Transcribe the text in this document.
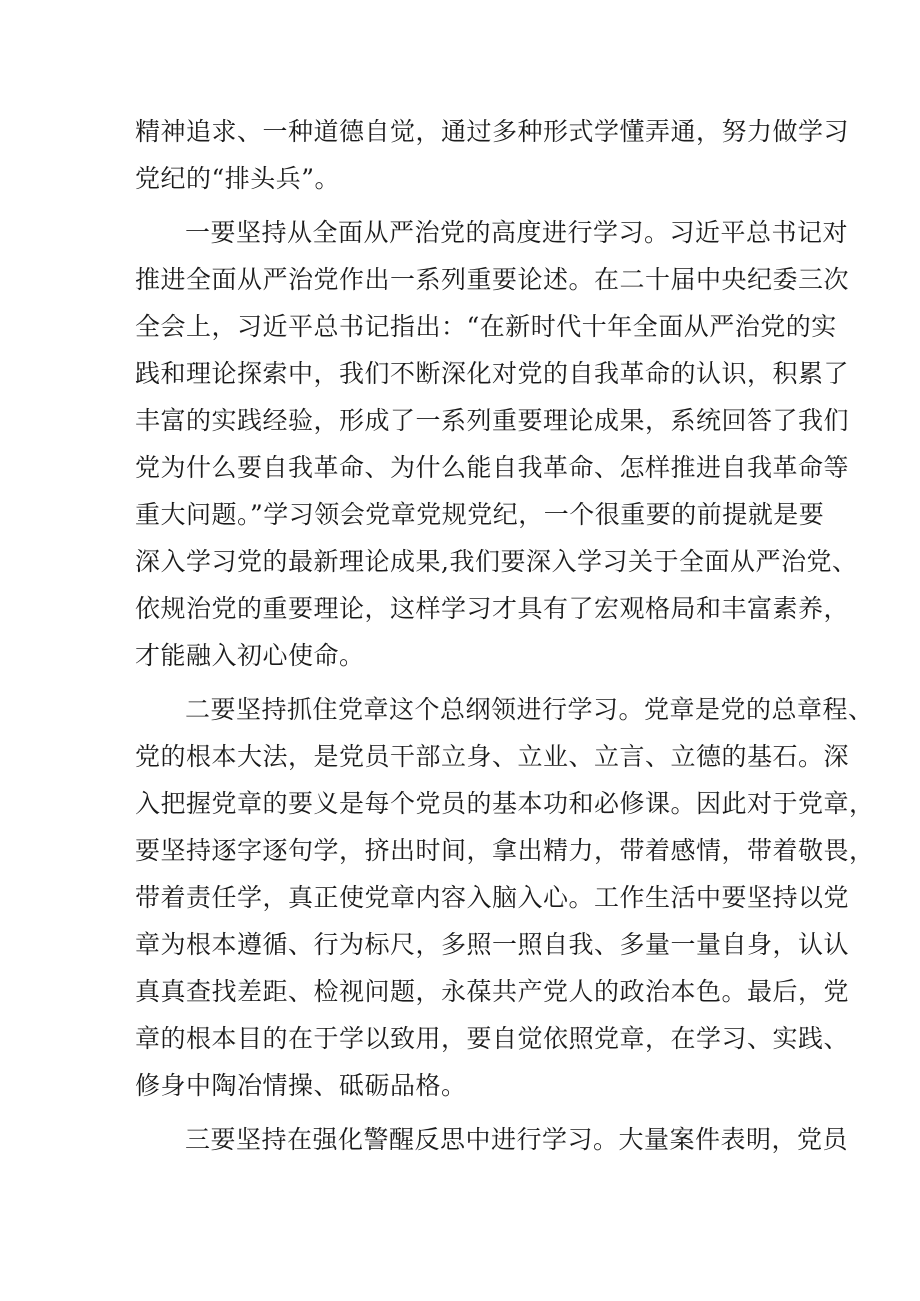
精神追求、一种道德自觉，通过多种形式学懂弄通，努力做学习
党纪的“排头兵”。
一要坚持从全面从严治党的高度进行学习。习近平总书记对
推进全面从严治党作出一系列重要论述。在二十届中央纪委三次
全会上，习近平总书记指出：“在新时代十年全面从严治党的实
践和理论探索中，我们不断深化对党的自我革命的认识，积累了
丰富的实践经验，形成了一系列重要理论成果，系统回答了我们
党为什么要自我革命、为什么能自我革命、怎样推进自我革命等
重大问题。”学习领会党章党规党纪，一个很重要的前提就是要
深入学习党的最新理论成果,我们要深入学习关于全面从严治党、
依规治党的重要理论，这样学习才具有了宏观格局和丰富素养，
才能融入初心使命。
二要坚持抓住党章这个总纲领进行学习。党章是党的总章程、
党的根本大法，是党员干部立身、立业、立言、立德的基石。深
入把握党章的要义是每个党员的基本功和必修课。因此对于党章，
要坚持逐字逐句学，挤出时间，拿出精力，带着感情，带着敬畏，
带着责任学，真正使党章内容入脑入心。工作生活中要坚持以党
章为根本遵循、行为标尺，多照一照自我、多量一量自身，认认
真真查找差距、检视问题，永葆共产党人的政治本色。最后，党
章的根本目的在于学以致用，要自觉依照党章，在学习、实践、
修身中陶冶情操、砥砺品格。
三要坚持在强化警醒反思中进行学习。大量案件表明，党员
